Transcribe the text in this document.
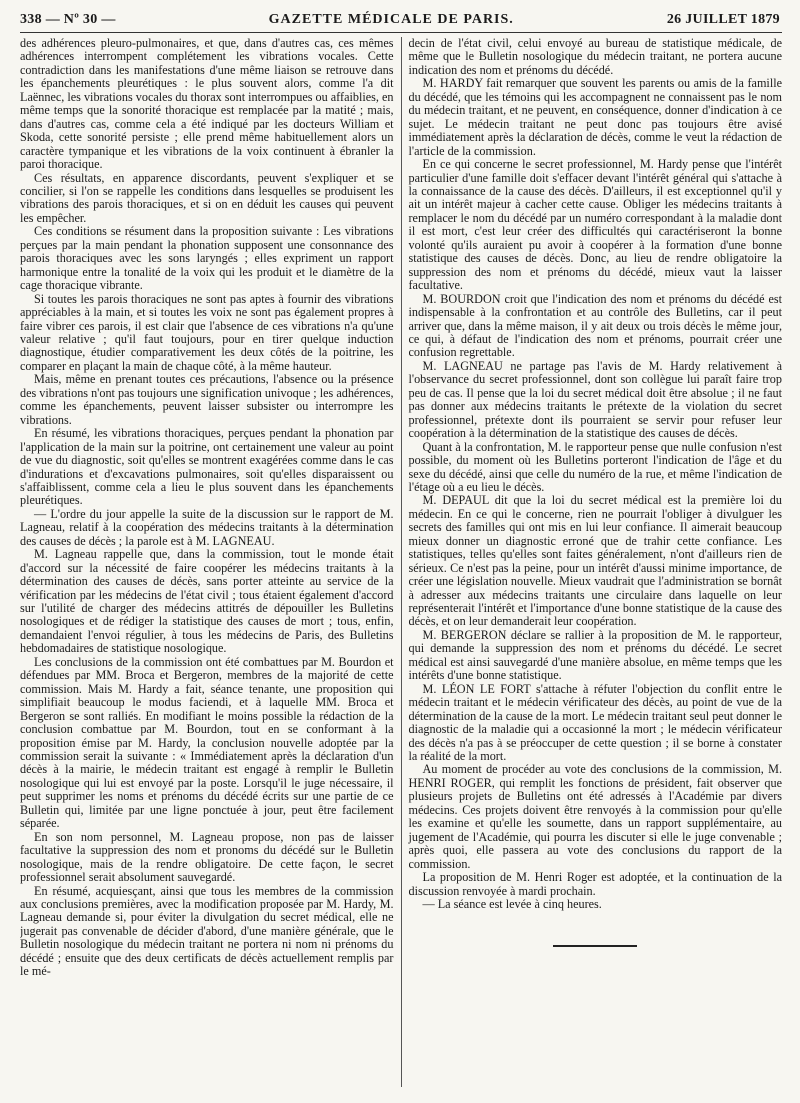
338 — Nº 30 —	GAZETTE MÉDICALE DE PARIS.	26 JUILLET 1879

des adhérences pleuro-pulmonaires, et que, dans d'autres cas, ces mêmes adhérences interrompent complétement les vibrations vocales. Cette contradiction dans les manifestations d'une même liaison se retrouve dans les épanchements pleurétiques : le plus souvent alors, comme l'a dit Laënnec, les vibrations vocales du thorax sont interrompues ou affaiblies, en même temps que la sonorité thoracique est remplacée par la matité ; mais, dans d'autres cas, comme cela a été indiqué par les docteurs William et Skoda, cette sonorité persiste ; elle prend même habituellement alors un caractère tympanique et les vibrations de la voix continuent à ébranler la paroi thoracique.

Ces résultats, en apparence discordants, peuvent s'expliquer et se concilier, si l'on se rappelle les conditions dans lesquelles se produisent les vibrations des parois thoraciques, et si on en déduit les causes qui peuvent les empêcher.

Ces conditions se résument dans la proposition suivante : Les vibrations perçues par la main pendant la phonation supposent une consonnance des parois thoraciques avec les sons laryngés ; elles expriment un rapport harmonique entre la tonalité de la voix qui les produit et le diamètre de la cage thoracique vibrante.

Si toutes les parois thoraciques ne sont pas aptes à fournir des vibrations appréciables à la main, et si toutes les voix ne sont pas également propres à faire vibrer ces parois, il est clair que l'absence de ces vibrations n'a qu'une valeur relative ; qu'il faut toujours, pour en tirer quelque induction diagnostique, étudier comparativement les deux côtés de la poitrine, les comparer en plaçant la main de chaque côté, à la même hauteur.

Mais, même en prenant toutes ces précautions, l'absence ou la présence des vibrations n'ont pas toujours une signification univoque ; les adhérences, comme les épanchements, peuvent laisser subsister ou interrompre les vibrations.

En résumé, les vibrations thoraciques, perçues pendant la phonation par l'application de la main sur la poitrine, ont certainement une valeur au point de vue du diagnostic, soit qu'elles se montrent exagérées comme dans le cas d'indurations et d'excavations pulmonaires, soit qu'elles disparaissent ou s'affaiblissent, comme cela a lieu le plus souvent dans les épanchements pleurétiques.

— L'ordre du jour appelle la suite de la discussion sur le rapport de M. Lagneau, relatif à la coopération des médecins traitants à la détermination des causes de décès ; la parole est à M. LAGNEAU.

M. Lagneau rappelle que, dans la commission, tout le monde était d'accord sur la nécessité de faire coopérer les médecins traitants à la détermination des causes de décès, sans porter atteinte au service de la vérification par les médecins de l'état civil ; tous étaient également d'accord sur l'utilité de charger des médecins attitrés de dépouiller les Bulletins nosologiques et de rédiger la statistique des causes de mort ; tous, enfin, demandaient l'envoi régulier, à tous les médecins de Paris, des Bulletins hebdomadaires de statistique nosologique.

Les conclusions de la commission ont été combattues par M. Bourdon et défendues par MM. Broca et Bergeron, membres de la majorité de cette commission. Mais M. Hardy a fait, séance tenante, une proposition qui simplifiait beaucoup le modus faciendi, et à laquelle MM. Broca et Bergeron se sont ralliés. En modifiant le moins possible la rédaction de la conclusion combattue par M. Bourdon, tout en se conformant à la proposition émise par M. Hardy, la conclusion nouvelle adoptée par la commission serait la suivante : « Immédiatement après la déclaration d'un décès à la mairie, le médecin traitant est engagé à remplir le Bulletin nosologique qui lui est envoyé par la poste. Lorsqu'il le juge nécessaire, il peut supprimer les noms et prénoms du décédé écrits sur une partie de ce Bulletin qui, limitée par une ligne ponctuée à jour, peut être facilement séparée.

En son nom personnel, M. Lagneau propose, non pas de laisser facultative la suppression des nom et pronoms du décédé sur le Bulletin nosologique, mais de la rendre obligatoire. De cette façon, le secret professionnel serait absolument sauvegardé.

En résumé, acquiesçant, ainsi que tous les membres de la commission aux conclusions premières, avec la modification proposée par M. Hardy, M. Lagneau demande si, pour éviter la divulgation du secret médical, elle ne jugerait pas convenable de décider d'abord, d'une manière générale, que le Bulletin nosologique du médecin traitant ne portera ni nom ni prénoms du décédé ; ensuite que des deux certificats de décès actuellement remplis par le mé-

decin de l'état civil, celui envoyé au bureau de statistique médicale, de même que le Bulletin nosologique du médecin traitant, ne portera aucune indication des nom et prénoms du décédé.

M. HARDY fait remarquer que souvent les parents ou amis de la famille du décédé, que les témoins qui les accompagnent ne connaissent pas le nom du médecin traitant, et ne peuvent, en conséquence, donner d'indication à ce sujet. Le médecin traitant ne peut donc pas toujours être avisé immédiatement après la déclaration de décès, comme le veut la rédaction de l'article de la commission.

En ce qui concerne le secret professionnel, M. Hardy pense que l'intérêt particulier d'une famille doit s'effacer devant l'intérêt général qui s'attache à la connaissance de la cause des décès. D'ailleurs, il est exceptionnel qu'il y ait un intérêt majeur à cacher cette cause. Obliger les médecins traitants à remplacer le nom du décédé par un numéro correspondant à la maladie dont il est mort, c'est leur créer des difficultés qui caractériseront la bonne volonté qu'ils auraient pu avoir à coopérer à la formation d'une bonne statistique des causes de décès. Donc, au lieu de rendre obligatoire la suppression des nom et prénoms du décédé, mieux vaut la laisser facultative.

M. BOURDON croit que l'indication des nom et prénoms du décédé est indispensable à la confrontation et au contrôle des Bulletins, car il peut arriver que, dans la même maison, il y ait deux ou trois décès le même jour, ce qui, à défaut de l'indication des nom et prénoms, pourrait créer une confusion regrettable.

M. LAGNEAU ne partage pas l'avis de M. Hardy relativement à l'observance du secret professionnel, dont son collègue lui paraît faire trop peu de cas. Il pense que la loi du secret médical doit être absolue ; il ne faut pas donner aux médecins traitants le prétexte de la violation du secret professionnel, prétexte dont ils pourraient se servir pour refuser leur coopération à la détermination de la statistique des causes de décès.

Quant à la confrontation, M. le rapporteur pense que nulle confusion n'est possible, du moment où les Bulletins porteront l'indication de l'âge et du sexe du décédé, ainsi que celle du numéro de la rue, et même l'indication de l'étage où a eu lieu le décès.

M. DEPAUL dit que la loi du secret médical est la première loi du médecin. En ce qui le concerne, rien ne pourrait l'obliger à divulguer les secrets des familles qui ont mis en lui leur confiance. Il aimerait beaucoup mieux donner un diagnostic erroné que de trahir cette confiance. Les statistiques, telles qu'elles sont faites généralement, n'ont d'ailleurs rien de sérieux. Ce n'est pas la peine, pour un intérêt d'aussi minime importance, de créer une législation nouvelle. Mieux vaudrait que l'administration se bornât à adresser aux médecins traitants une circulaire dans laquelle on leur représenterait l'intérêt et l'importance d'une bonne statistique de la cause des décès, et on leur demanderait leur coopération.

M. BERGERON déclare se rallier à la proposition de M. le rapporteur, qui demande la suppression des nom et prénoms du décédé. Le secret médical est ainsi sauvegardé d'une manière absolue, en même temps que les intérêts d'une bonne statistique.

M. LÉON LE FORT s'attache à réfuter l'objection du conflit entre le médecin traitant et le médecin vérificateur des décès, au point de vue de la détermination de la cause de la mort. Le médecin traitant seul peut donner le diagnostic de la maladie qui a occasionné la mort ; le médecin vérificateur des décès n'a pas à se préoccuper de cette question ; il se borne à constater la réalité de la mort.

Au moment de procéder au vote des conclusions de la commission, M. HENRI ROGER, qui remplit les fonctions de président, fait observer que plusieurs projets de Bulletins ont été adressés à l'Académie par divers médecins. Ces projets doivent être renvoyés à la commission pour qu'elle les examine et qu'elle les soumette, dans un rapport supplémentaire, au jugement de l'Académie, qui pourra les discuter si elle le juge convenable ; après quoi, elle passera au vote des conclusions du rapport de la commission.

La proposition de M. Henri Roger est adoptée, et la continuation de la discussion renvoyée à mardi prochain.

— La séance est levée à cinq heures.
